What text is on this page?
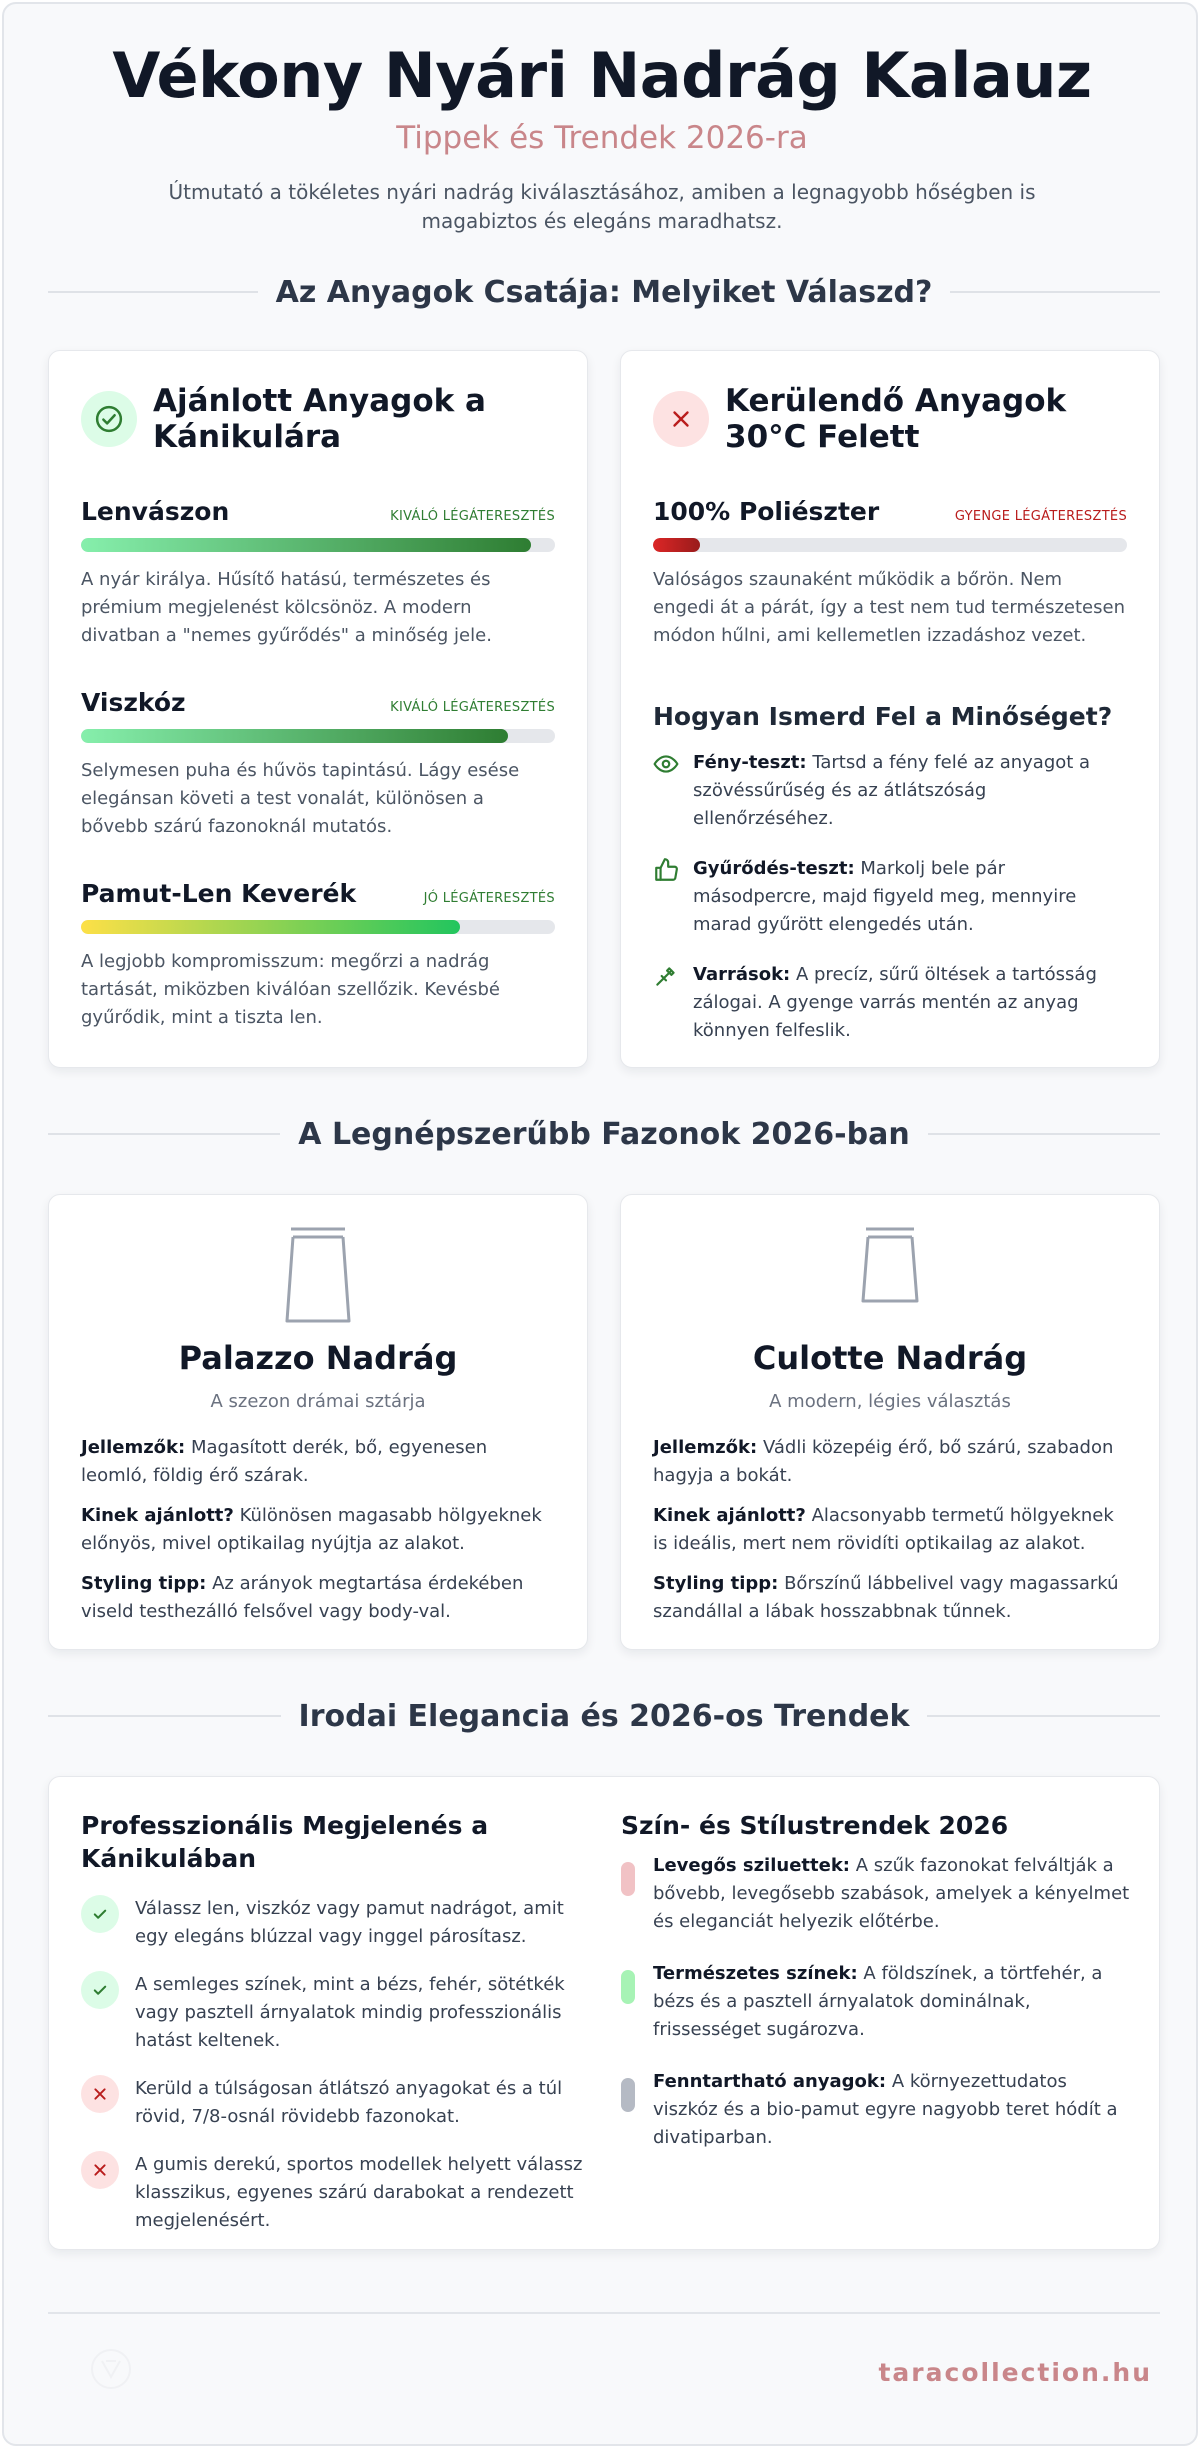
Vékony Nyári Nadrág Kalauz
Tippek és Trendek 2026-ra
Útmutató a tökéletes nyári nadrág kiválasztásához, amiben a legnagyobb hőségben is magabiztos és elegáns maradhatsz.
Az Anyagok Csatája: Melyiket Válaszd?
Ajánlott Anyagok a Kánikulára
Lenvászon	KIVÁLÓ LÉGÁTERESZTÉS
A nyár királya. Hűsítő hatású, természetes és prémium megjelenést kölcsönöz. A modern divatban a "nemes gyűrődés" a minőség jele.
Viszkóz	KIVÁLÓ LÉGÁTERESZTÉS
Selymesen puha és hűvös tapintású. Lágy esése elegánsan követi a test vonalát, különösen a bővebb szárú fazonoknál mutatós.
Pamut-Len Keverék	JÓ LÉGÁTERESZTÉS
A legjobb kompromisszum: megőrzi a nadrág tartását, miközben kiválóan szellőzik. Kevésbé gyűrődik, mint a tiszta len.
Kerülendő Anyagok 30°C Felett
100% Poliészter	GYENGE LÉGÁTERESZTÉS
Valóságos szaunaként működik a bőrön. Nem engedi át a párát, így a test nem tud természetesen módon hűlni, ami kellemetlen izzadáshoz vezet.
Hogyan Ismerd Fel a Minőséget?
Fény-teszt: Tartsd a fény felé az anyagot a szövéssűrűség és az átlátszóság ellenőrzéséhez.
Gyűrődés-teszt: Markolj bele pár másodpercre, majd figyeld meg, mennyire marad gyűrött elengedés után.
Varrások: A precíz, sűrű öltések a tartósság zálogai. A gyenge varrás mentén az anyag könnyen felfeslik.
A Legnépszerűbb Fazonok 2026-ban
Palazzo Nadrág
A szezon drámai sztárja

Jellemzők: Magasított derék, bő, egyenesen leomló, földig érő szárak.

Kinek ajánlott? Különösen magasabb hölgyeknek előnyös, mivel optikailag nyújtja az alakot.

Styling tipp: Az arányok megtartása érdekében viseld testhezálló felsővel vagy body-val.

Culotte Nadrág
A modern, légies választás

Jellemzők: Vádli közepéig érő, bő szárú, szabadon hagyja a bokát.

Kinek ajánlott? Alacsonyabb termetű hölgyeknek is ideális, mert nem rövidíti optikailag az alakot.

Styling tipp: Bőrszínű lábbelivel vagy magassarkú szandállal a lábak hosszabbnak tűnnek.

Irodai Elegancia és 2026-os Trendek
Professzionális Megjelenés a Kánikulában
Válassz len, viszkóz vagy pamut nadrágot, amit egy elegáns blúzzal vagy inggel párosítasz.
A semleges színek, mint a bézs, fehér, sötétkék vagy pasztell árnyalatok mindig professzionális hatást keltenek.
Kerüld a túlságosan átlátszó anyagokat és a túl rövid, 7/8-osnál rövidebb fazonokat.
A gumis derekú, sportos modellek helyett válassz klasszikus, egyenes szárú darabokat a rendezett megjelenésért.
Szín- és Stílustrendek 2026
Levegős sziluettek: A szűk fazonokat felváltják a bővebb, levegősebb szabások, amelyek a kényelmet és eleganciát helyezik előtérbe.
Természetes színek: A földszínek, a törtfehér, a bézs és a pasztell árnyalatok dominálnak, frissességet sugározva.
Fenntartható anyagok: A környezettudatos viszkóz és a bio-pamut egyre nagyobb teret hódít a divatiparban.
taracollection.hu
